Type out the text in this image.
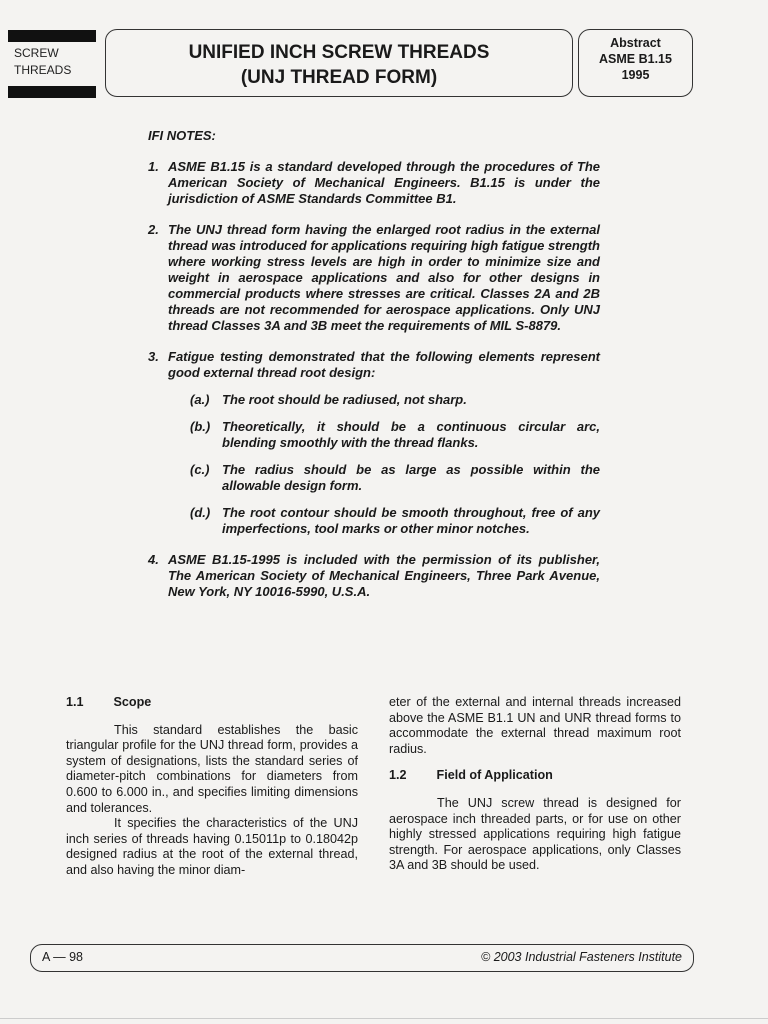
SCREW
THREADS
UNIFIED INCH SCREW THREADS
(UNJ THREAD FORM)
Abstract
ASME B1.15
1995
IFI NOTES:
1. ASME B1.15 is a standard developed through the procedures of The American Society of Mechanical Engineers. B1.15 is under the jurisdiction of ASME Standards Committee B1.
2. The UNJ thread form having the enlarged root radius in the external thread was introduced for applications requiring high fatigue strength where working stress levels are high in order to minimize size and weight in aerospace applications and also for other designs in commercial products where stresses are critical. Classes 2A and 2B threads are not recommended for aerospace applications. Only UNJ thread Classes 3A and 3B meet the requirements of MIL S-8879.
3. Fatigue testing demonstrated that the following elements represent good external thread root design:
(a.) The root should be radiused, not sharp.
(b.) Theoretically, it should be a continuous circular arc, blending smoothly with the thread flanks.
(c.) The radius should be as large as possible within the allowable design form.
(d.) The root contour should be smooth throughout, free of any imperfections, tool marks or other minor notches.
4. ASME B1.15-1995 is included with the permission of its publisher, The American Society of Mechanical Engineers, Three Park Avenue, New York, NY 10016-5990, U.S.A.
1.1 Scope

This standard establishes the basic triangular profile for the UNJ thread form, provides a system of designations, lists the standard series of diameter-pitch combinations for diameters from 0.600 to 6.000 in., and specifies limiting dimensions and tolerances.

It specifies the characteristics of the UNJ inch series of threads having 0.15011p to 0.18042p designed radius at the root of the external thread, and also having the minor diam-

eter of the external and internal threads increased above the ASME B1.1 UN and UNR thread forms to accommodate the external thread maximum root radius.

1.2 Field of Application

The UNJ screw thread is designed for aerospace inch threaded parts, or for use on other highly stressed applications requiring high fatigue strength. For aerospace applications, only Classes 3A and 3B should be used.

A — 98	© 2003 Industrial Fasteners Institute
